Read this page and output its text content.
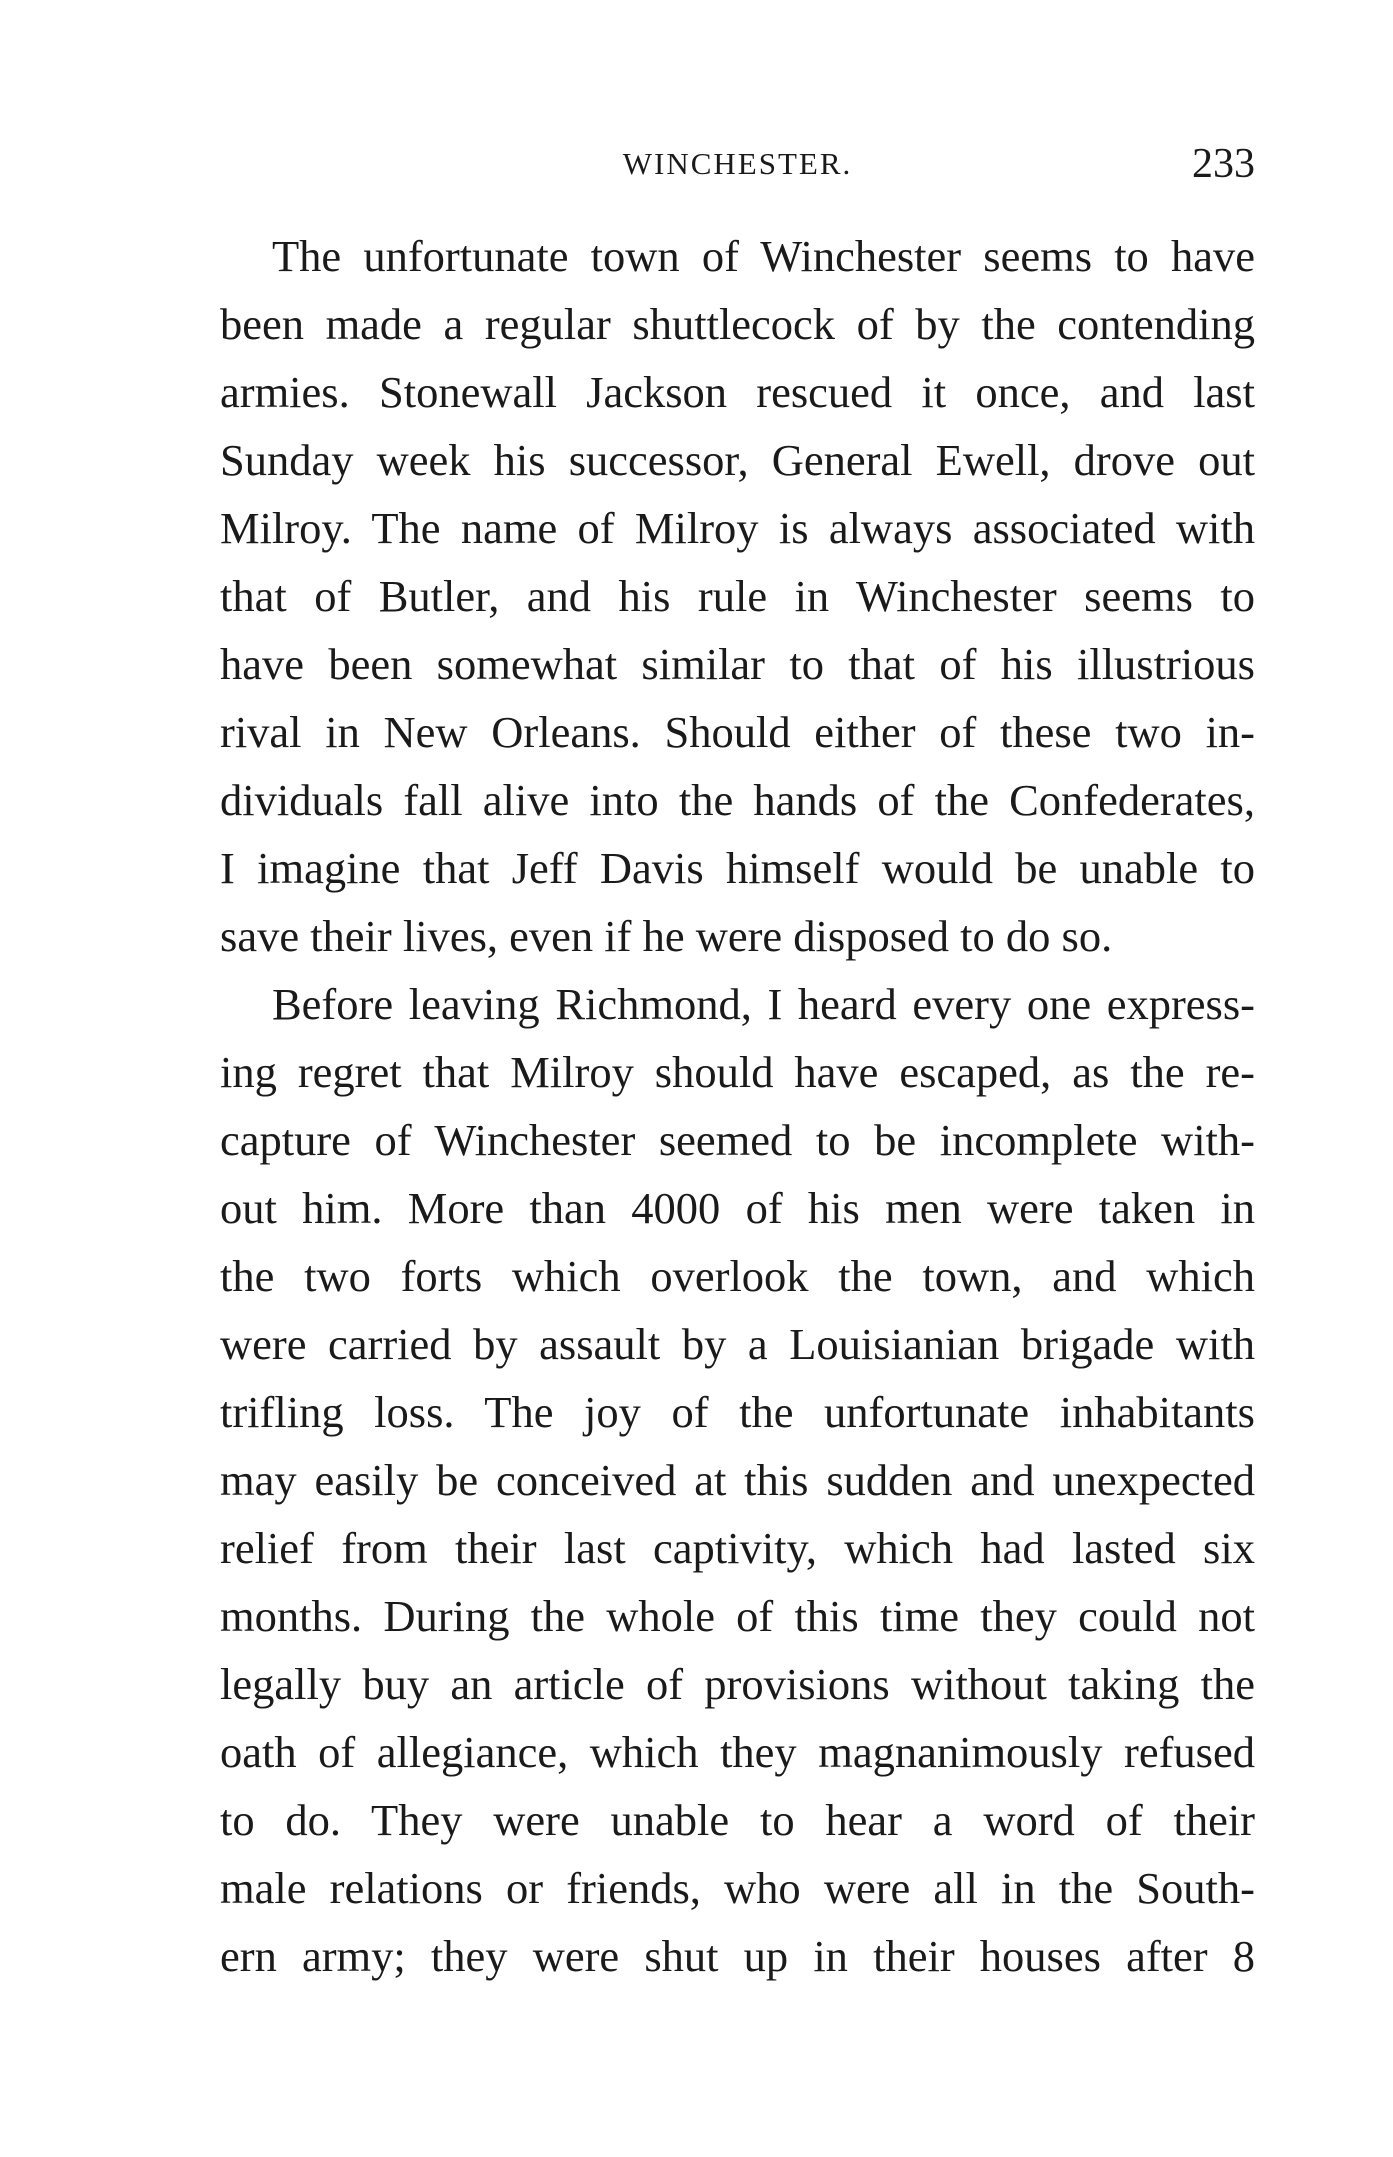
WINCHESTER.	233
The unfortunate town of Winchester seems to have
been made a regular shuttlecock of by the contending
armies. Stonewall Jackson rescued it once, and last
Sunday week his successor, General Ewell, drove out
Milroy. The name of Milroy is always associated with
that of Butler, and his rule in Winchester seems to
have been somewhat similar to that of his illustrious
rival in New Orleans. Should either of these two in-
dividuals fall alive into the hands of the Confederates,
I imagine that Jeff Davis himself would be unable to
save their lives, even if he were disposed to do so.
Before leaving Richmond, I heard every one express-
ing regret that Milroy should have escaped, as the re-
capture of Winchester seemed to be incomplete with-
out him. More than 4000 of his men were taken in
the two forts which overlook the town, and which
were carried by assault by a Louisianian brigade with
trifling loss. The joy of the unfortunate inhabitants
may easily be conceived at this sudden and unexpected
relief from their last captivity, which had lasted six
months. During the whole of this time they could not
legally buy an article of provisions without taking the
oath of allegiance, which they magnanimously refused
to do. They were unable to hear a word of their
male relations or friends, who were all in the South-
ern army; they were shut up in their houses after 8
